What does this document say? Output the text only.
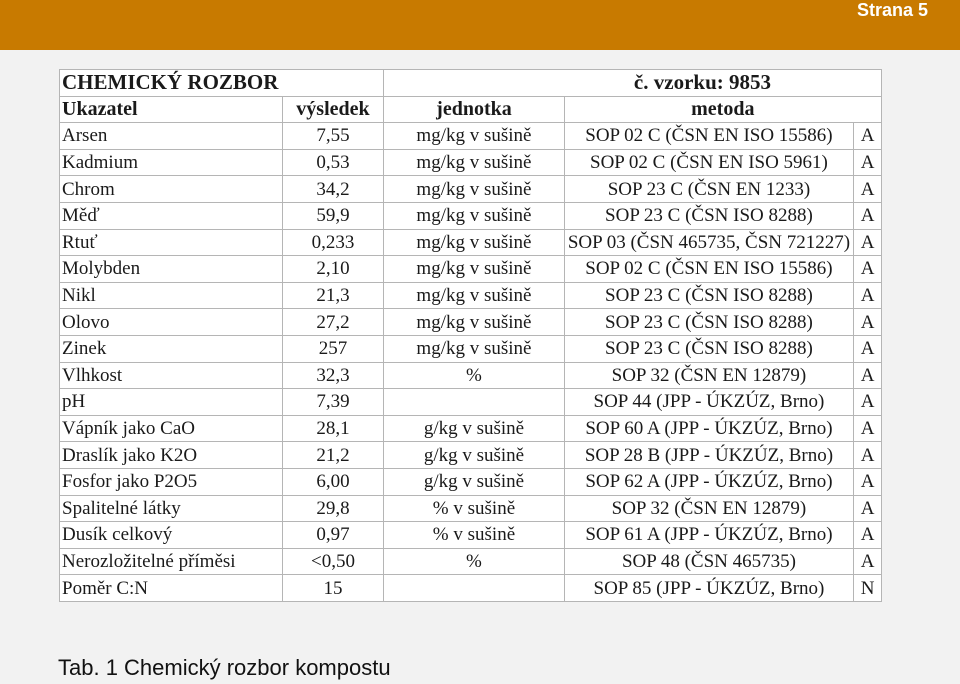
Strana 5
CHEMICKÝ ROZBOR		č. vzorku: 9853		
Ukazatel	výsledek	jednotka	metoda	
Arsen	7,55	mg/kg v sušině	SOP 02 C (ČSN EN ISO 15586)	A
Kadmium	0,53	mg/kg v sušině	SOP 02 C (ČSN EN ISO 5961)	A
Chrom	34,2	mg/kg v sušině	SOP 23 C (ČSN EN 1233)	A
Měď	59,9	mg/kg v sušině	SOP 23 C (ČSN ISO 8288)	A
Rtuť	0,233	mg/kg v sušině	SOP 03 (ČSN 465735, ČSN 721227)	A
Molybden	2,10	mg/kg v sušině	SOP 02 C (ČSN EN ISO 15586)	A
Nikl	21,3	mg/kg v sušině	SOP 23 C (ČSN ISO 8288)	A
Olovo	27,2	mg/kg v sušině	SOP 23 C (ČSN ISO 8288)	A
Zinek	257	mg/kg v sušině	SOP 23 C (ČSN ISO 8288)	A
Vlhkost	32,3	%	SOP 32 (ČSN EN 12879)	A
pH	7,39		SOP 44 (JPP - ÚKZÚZ, Brno)	A
Vápník jako CaO	28,1	g/kg v sušině	SOP 60 A (JPP - ÚKZÚZ, Brno)	A
Draslík jako K2O	21,2	g/kg v sušině	SOP 28 B (JPP - ÚKZÚZ, Brno)	A
Fosfor jako P2O5	6,00	g/kg v sušině	SOP 62 A (JPP - ÚKZÚZ, Brno)	A
Spalitelné látky	29,8	% v sušině	SOP 32 (ČSN EN 12879)	A
Dusík celkový	0,97	% v sušině	SOP 61 A (JPP - ÚKZÚZ, Brno)	A
Nerozložitelné příměsi	<0,50	%	SOP 48 (ČSN 465735)	A
Poměr C:N	15		SOP 85 (JPP - ÚKZÚZ, Brno)	N
Tab. 1 Chemický rozbor kompostu
